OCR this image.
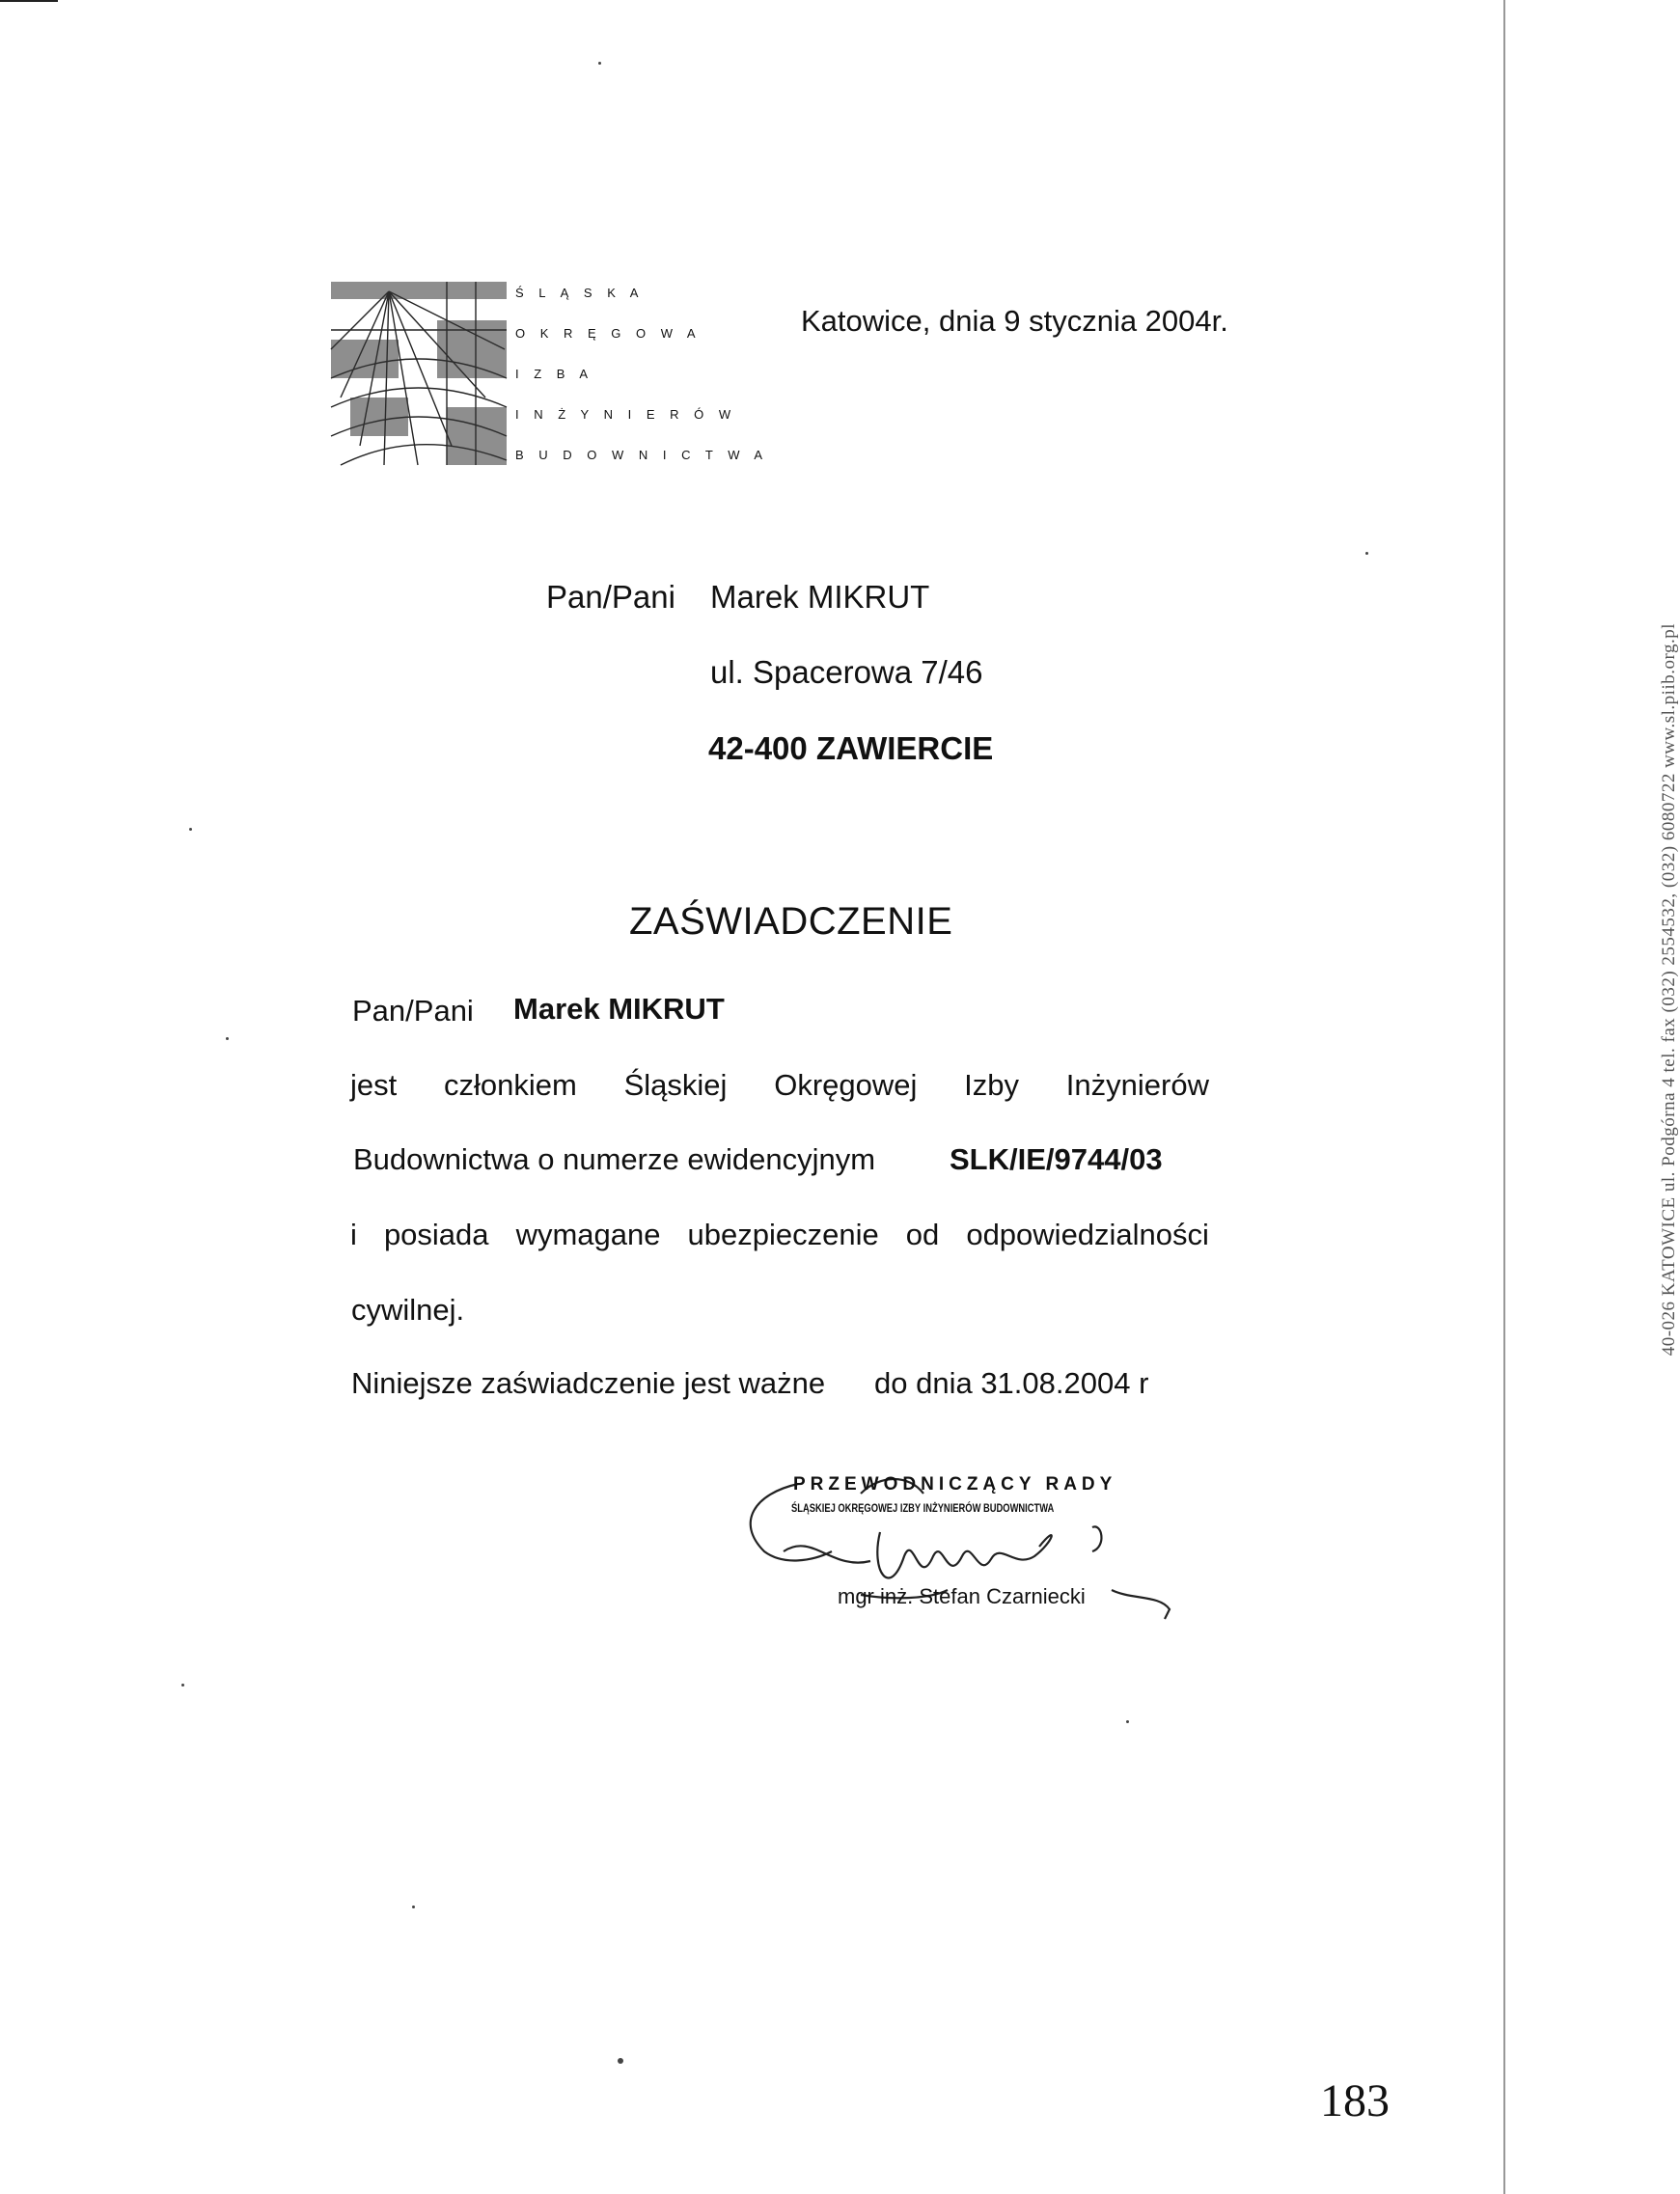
Ś L Ą S K A
O K R Ę G O W A
I Z B A
I N Ż Y N I E R Ó W
B U D O W N I C T W A
Katowice, dnia 9 stycznia 2004r.
Pan/Pani Marek MIKRUT
ul. Spacerowa 7/46
42-400 ZAWIERCIE
ZAŚWIADCZENIE
Pan/Pani Marek MIKRUT
jest członkiem Śląskiej Okręgowej Izby Inżynierów
Budownictwa o numerze ewidencyjnym SLK/IE/9744/03
i posiada wymagane ubezpieczenie od odpowiedzialności
cywilnej.
Niniejsze zaświadczenie jest ważne do dnia 31.08.2004 r
PRZEWODNICZĄCY RADY
ŚLĄSKIEJ OKRĘGOWEJ IZBY INŻYNIERÓW BUDOWNICTWA
mgr inż. Stefan Czarniecki
40-026 KATOWICE ul. Podgórna 4 tel. fax (032) 2554532, (032) 6080722 www.sl.piib.org.pl
183
